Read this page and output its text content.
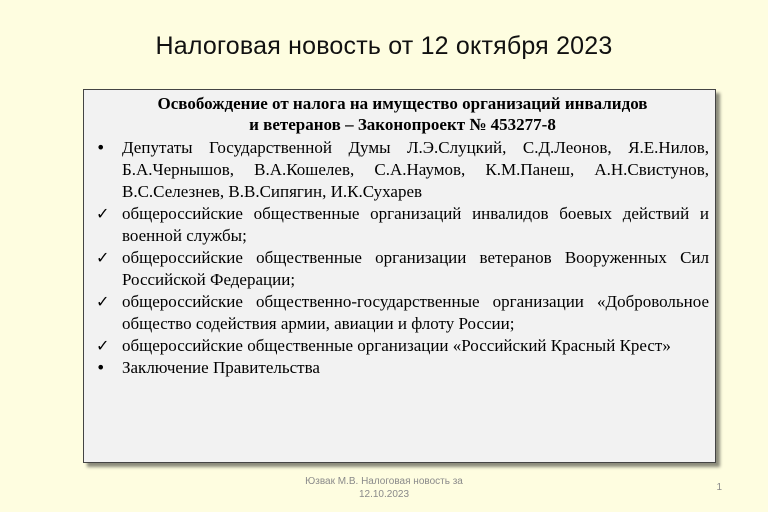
Налоговая новость от 12 октября 2023
Освобождение от налога на имущество организаций инвалидов
и ветеранов – Законопроект № 453277-8
• Депутаты Государственной Думы Л.Э.Слуцкий, С.Д.Леонов, Я.Е.Нилов, Б.А.Чернышов, В.А.Кошелев, С.А.Наумов, К.М.Панеш, А.Н.Свистунов, В.С.Селезнев, В.В.Сипягин, И.К.Сухарев
✓ общероссийские общественные организаций инвалидов боевых действий и военной службы;
✓ общероссийские общественные организации ветеранов Вооруженных Сил Российской Федерации;
✓ общероссийские общественно-государственные организации «Добровольное общество содействия армии, авиации и флоту России;
✓ общероссийские общественные организации «Российский Красный Крест»
• Заключение Правительства
Юзвак М.В. Налоговая новость за
12.10.2023
1
